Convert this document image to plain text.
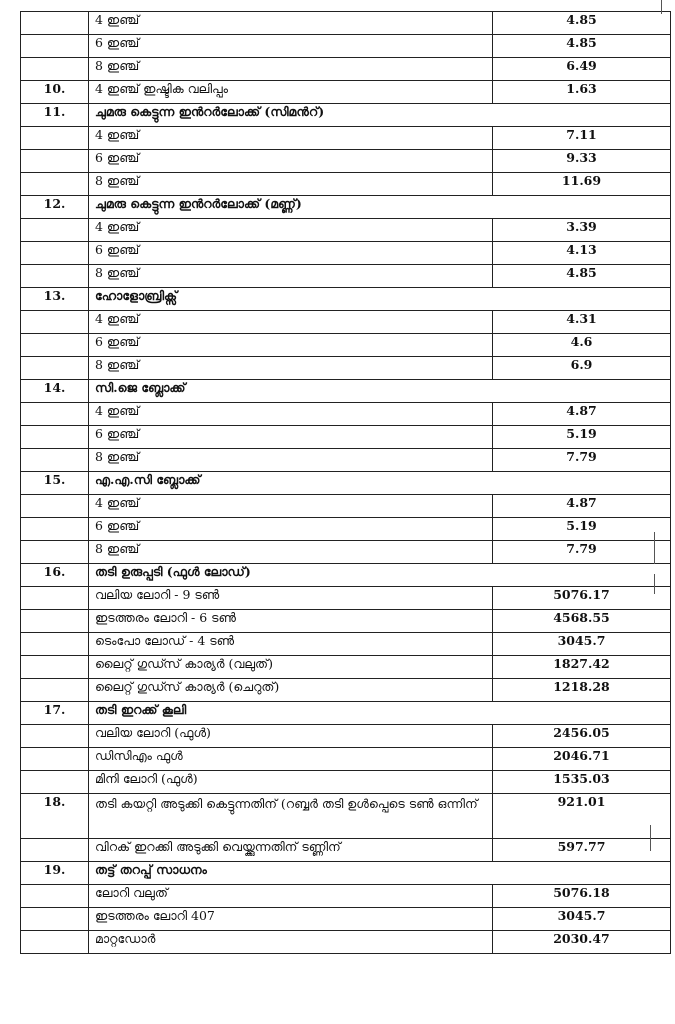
	4 ഇഞ്ച്	4.85
	6 ഇഞ്ച്	4.85
	8 ഇഞ്ച്	6.49
10.	4 ഇഞ്ച് ഇഷ്ടിക വലിപ്പം	1.63
11.	ചുമരു കെട്ടുന്ന ഇൻറർലോക്ക് (സിമൻറ്)	
	4 ഇഞ്ച്	7.11
	6 ഇഞ്ച്	9.33
	8 ഇഞ്ച്	11.69
12.	ചുമരു കെട്ടുന്ന ഇൻറർലോക്ക് (മണ്ണ്)	
	4 ഇഞ്ച്	3.39
	6 ഇഞ്ച്	4.13
	8 ഇഞ്ച്	4.85
13.	ഹോളോബ്രിക്സ്	
	4 ഇഞ്ച്	4.31
	6 ഇഞ്ച്	4.6
	8 ഇഞ്ച്	6.9
14.	സി.ജെ ബ്ലോക്ക്	
	4 ഇഞ്ച്	4.87
	6 ഇഞ്ച്	5.19
	8 ഇഞ്ച്	7.79
15.	എ.എ.സി ബ്ലോക്ക്	
	4 ഇഞ്ച്	4.87
	6 ഇഞ്ച്	5.19
	8 ഇഞ്ച്	7.79
16.	തടി ഉരുപ്പടി (ഫുൾ ലോഡ്)	
	വലിയ ലോറി - 9 ടൺ	5076.17
	ഇടത്തരം ലോറി - 6 ടൺ	4568.55
	ടെംപോ ലോഡ് - 4 ടൺ	3045.7
	ലൈറ്റ് ഗുഡ്സ് കാര്യർ (വലുത്)	1827.42
	ലൈറ്റ് ഗുഡ്സ് കാര്യർ (ചെറുത്)	1218.28
17.	തടി ഇറക്ക് കൂലി	
	വലിയ ലോറി (ഫുൾ)	2456.05
	ഡിസിഎം ഫുൾ	2046.71
	മിനി ലോറി (ഫുൾ)	1535.03
18.	തടി കയറ്റി അടുക്കി കെട്ടുന്നതിന് (റബ്ബർ തടി ഉൾപ്പെടെ ടൺ ഒന്നിന്	921.01
	വിറക് ഇറക്കി അടുക്കി വെയ്ക്കുന്നതിന് ടണ്ണിന്	597.77
19.	തട്ട് തറപ്പ് സാധനം	
	ലോറി വലുത്	5076.18
	ഇടത്തരം ലോറി 407	3045.7
	മാറ്റഡോർ	2030.47
